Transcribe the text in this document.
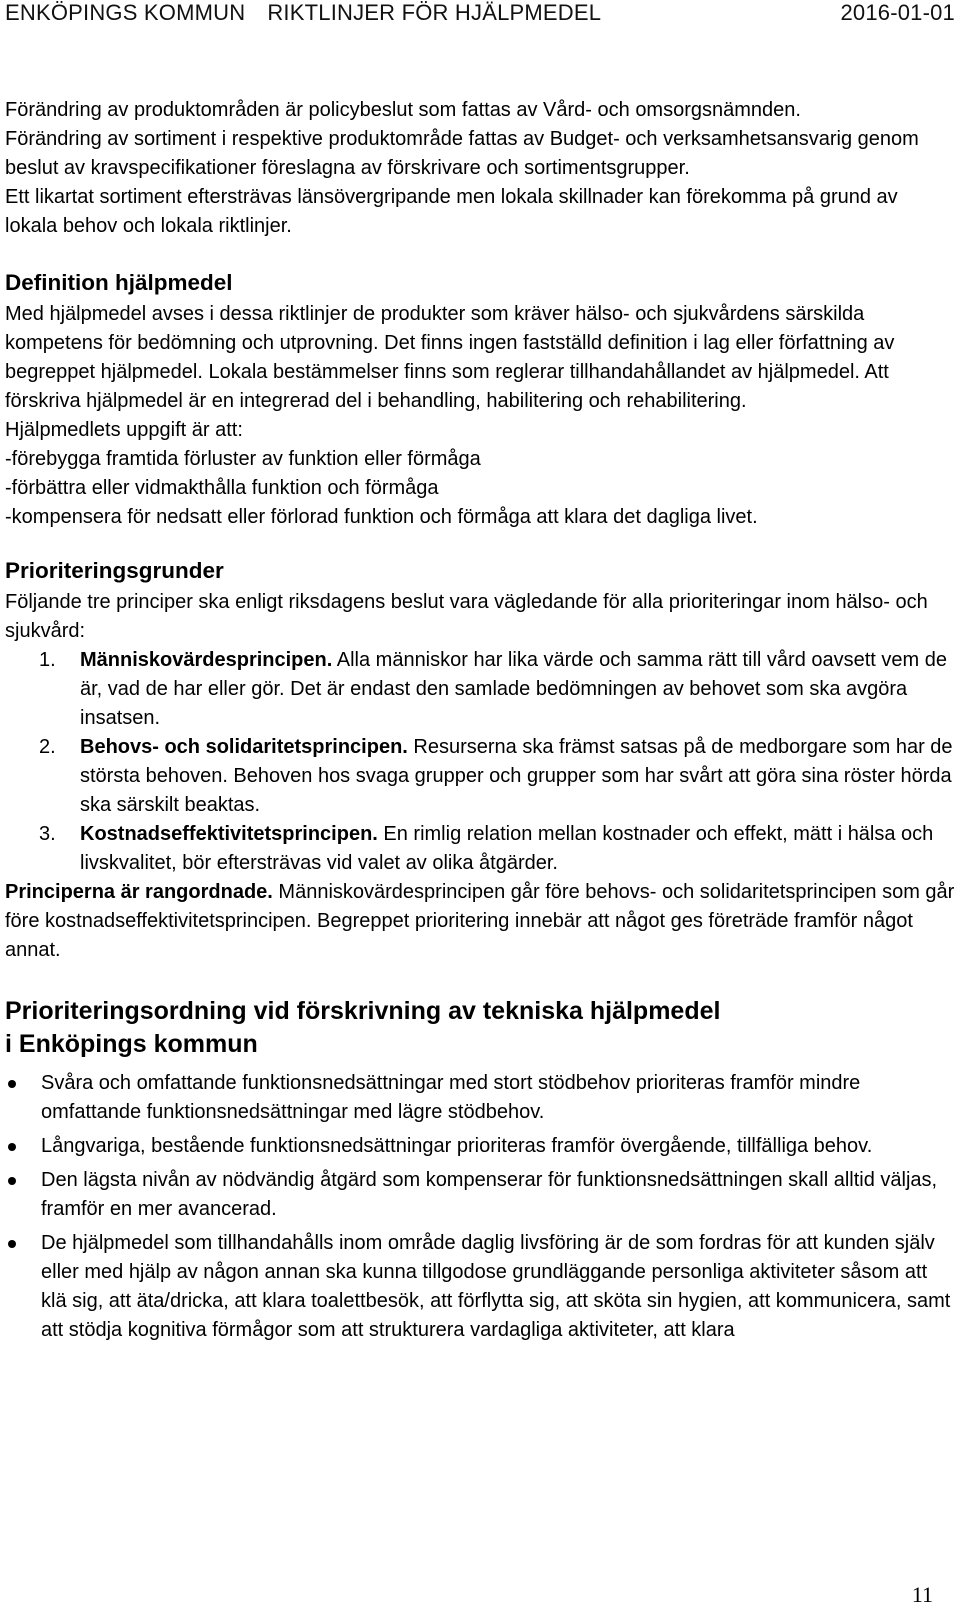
ENKÖPINGS KOMMUN RIKTLINJER FÖR HJÄLPMEDEL	2016-01-01

Förändring av produktområden är policybeslut som fattas av Vård- och omsorgsnämnden.

Förändring av sortiment i respektive produktområde fattas av Budget- och verksamhetsansvarig genom beslut av kravspecifikationer föreslagna av förskrivare och sortimentsgrupper.

Ett likartat sortiment eftersträvas länsövergripande men lokala skillnader kan förekomma på grund av lokala behov och lokala riktlinjer.

Definition hjälpmedel

Med hjälpmedel avses i dessa riktlinjer de produkter som kräver hälso- och sjukvårdens särskilda kompetens för bedömning och utprovning. Det finns ingen fastställd definition i lag eller författning av begreppet hjälpmedel. Lokala bestämmelser finns som reglerar tillhandahållandet av hjälpmedel. Att förskriva hjälpmedel är en integrerad del i behandling, habilitering och rehabilitering.

Hjälpmedlets uppgift är att:

-förebygga framtida förluster av funktion eller förmåga

-förbättra eller vidmakthålla funktion och förmåga

-kompensera för nedsatt eller förlorad funktion och förmåga att klara det dagliga livet.

Prioriteringsgrunder

Följande tre principer ska enligt riksdagens beslut vara vägledande för alla prioriteringar inom hälso- och sjukvård:

1. Människovärdesprincipen. Alla människor har lika värde och samma rätt till vård oavsett vem de är, vad de har eller gör. Det är endast den samlade bedömningen av behovet som ska avgöra insatsen.
2. Behovs- och solidaritetsprincipen. Resurserna ska främst satsas på de medborgare som har de största behoven. Behoven hos svaga grupper och grupper som har svårt att göra sina röster hörda ska särskilt beaktas.
3. Kostnadseffektivitetsprincipen. En rimlig relation mellan kostnader och effekt, mätt i hälsa och livskvalitet, bör eftersträvas vid valet av olika åtgärder.

Principerna är rangordnade. Människovärdesprincipen går före behovs- och solidaritetsprincipen som går före kostnadseffektivitetsprincipen. Begreppet prioritering innebär att något ges företräde framför något annat.

Prioriteringsordning vid förskrivning av tekniska hjälpmedel
i Enköpings kommun
Svåra och omfattande funktionsnedsättningar med stort stödbehov prioriteras framför mindre omfattande funktionsnedsättningar med lägre stödbehov.
Långvariga, bestående funktionsnedsättningar prioriteras framför övergående, tillfälliga behov.
Den lägsta nivån av nödvändig åtgärd som kompenserar för funktionsnedsättningen skall alltid väljas, framför en mer avancerad.
De hjälpmedel som tillhandahålls inom område daglig livsföring är de som fordras för att kunden själv eller med hjälp av någon annan ska kunna tillgodose grundläggande personliga aktiviteter såsom att klä sig, att äta/dricka, att klara toalettbesök, att förflytta sig, att sköta sin hygien, att kommunicera, samt att stödja kognitiva förmågor som att strukturera vardagliga aktiviteter, att klara
11
